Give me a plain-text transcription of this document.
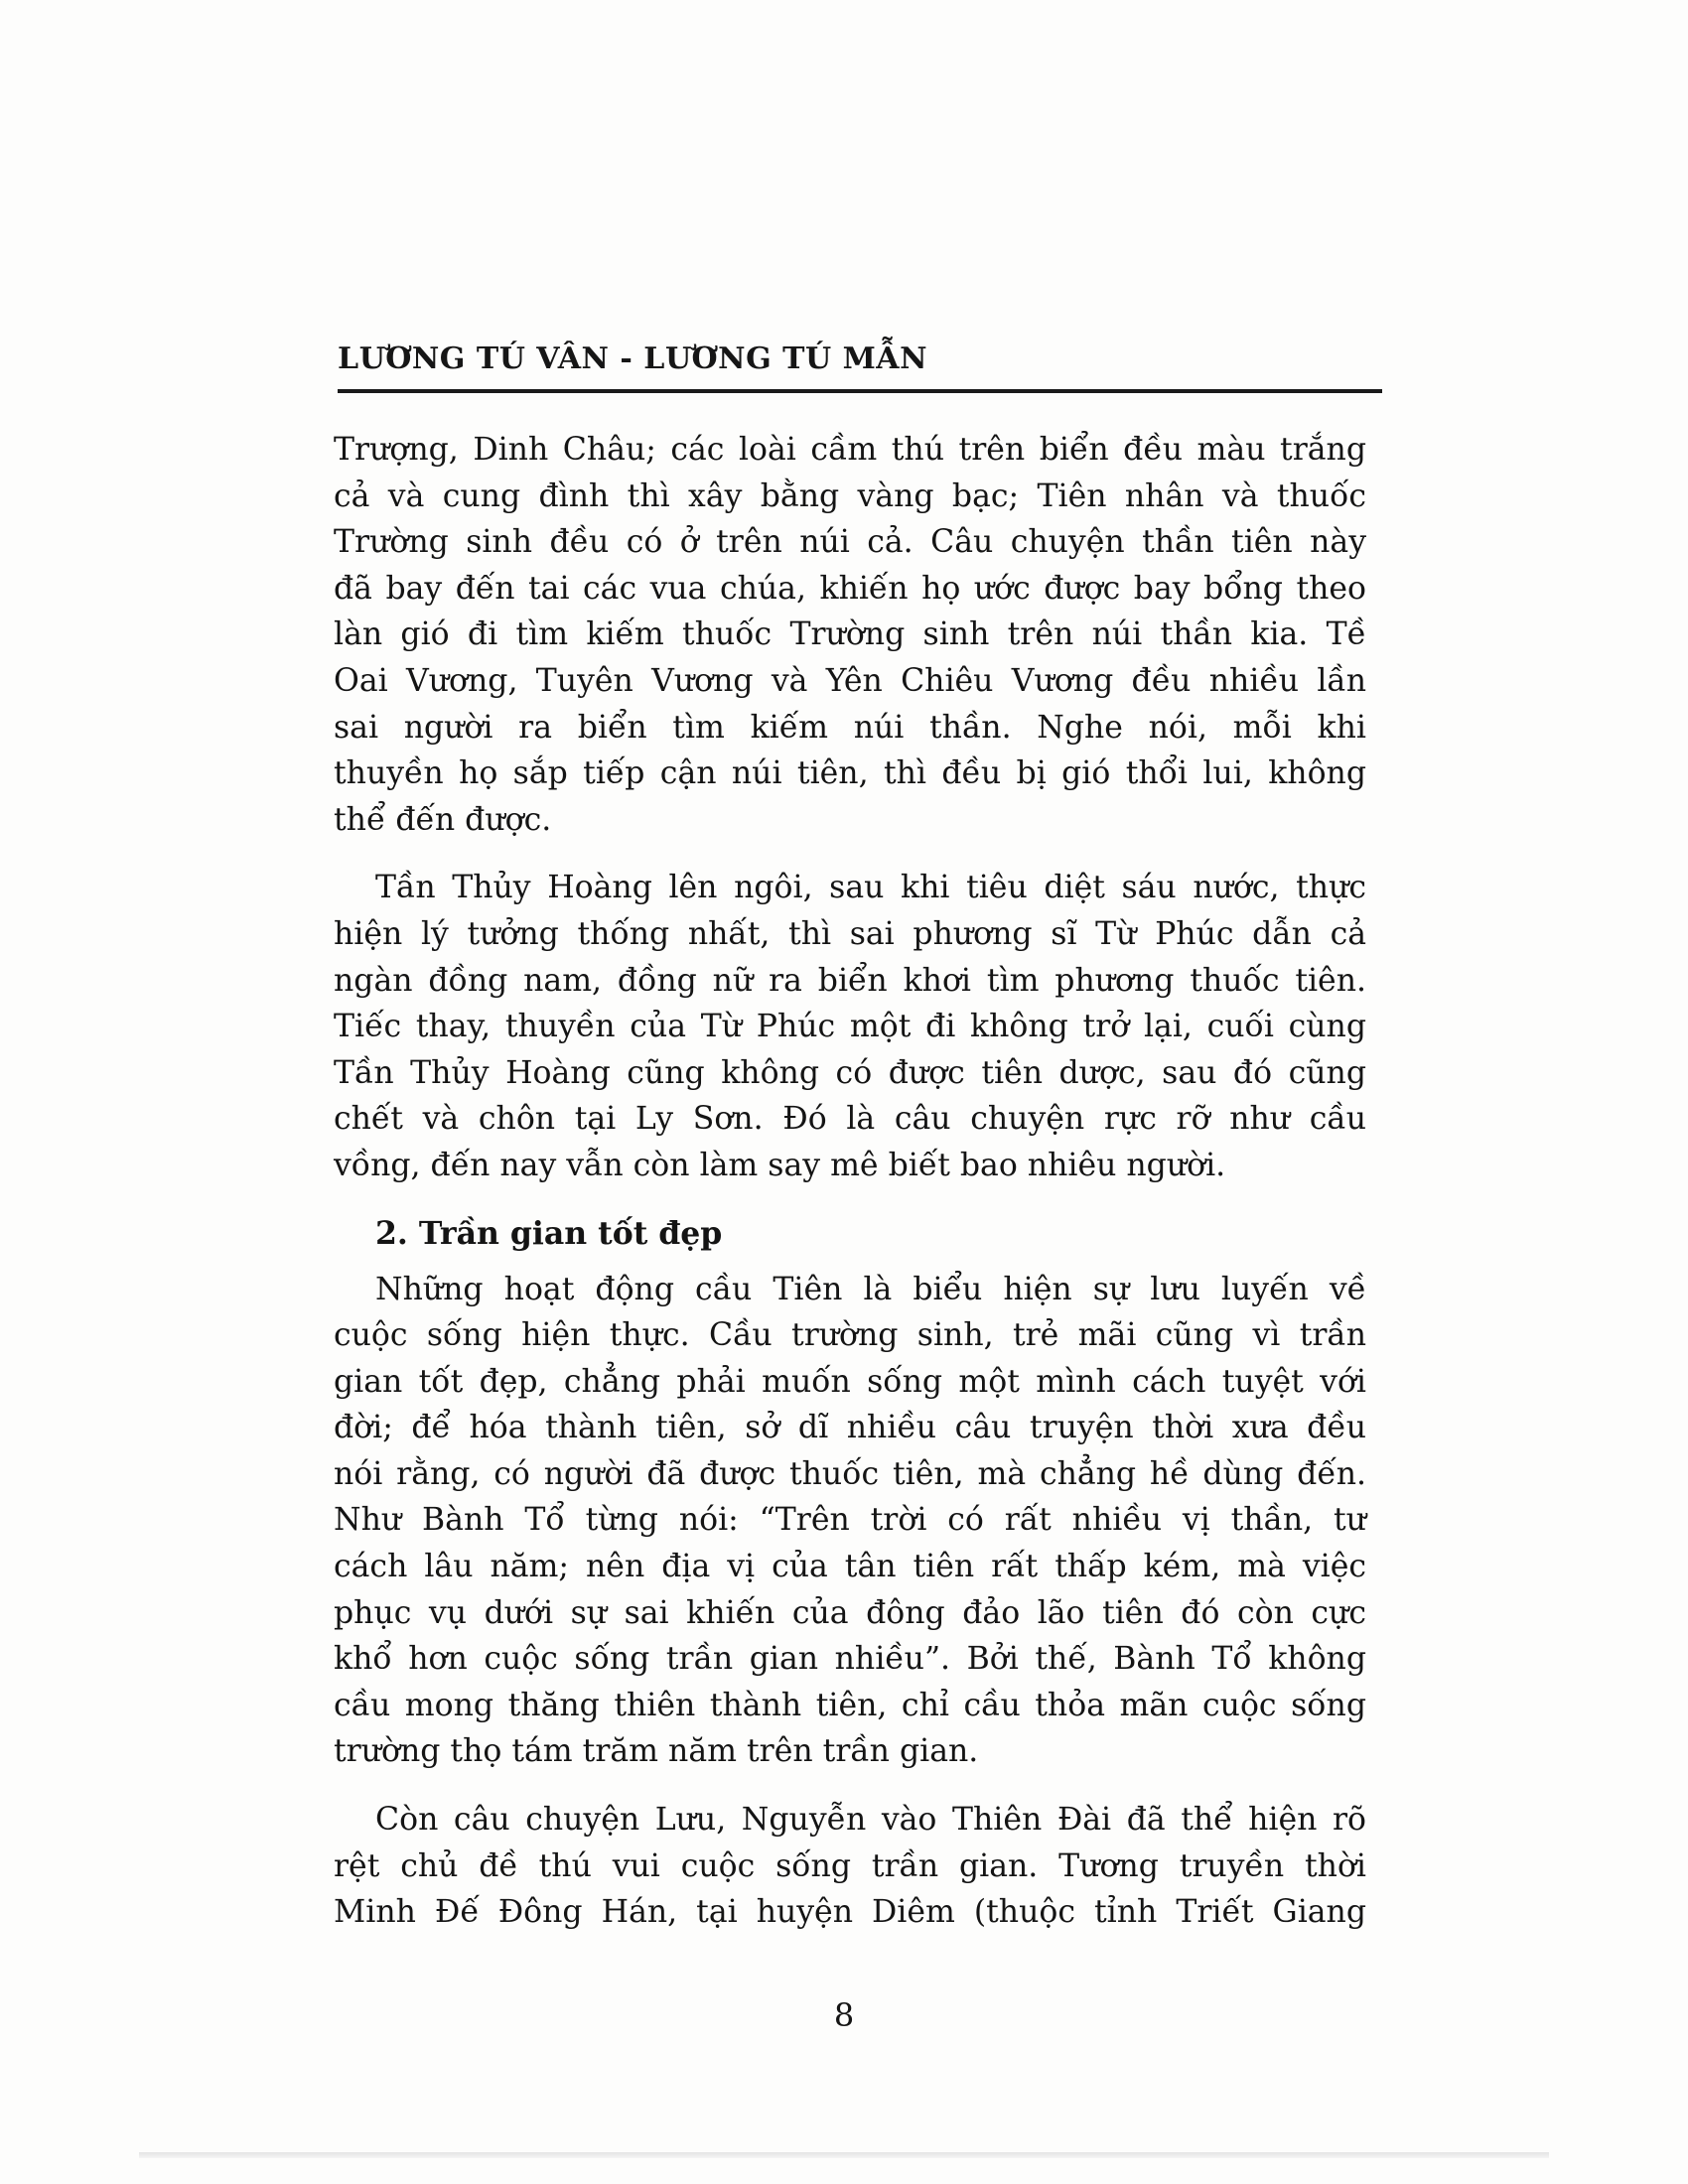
LƯƠNG TÚ VÂN - LƯƠNG TÚ MẪN
Trượng, Dinh Châu; các loài cầm thú trên biển đều màu trắng
cả và cung đình thì xây bằng vàng bạc; Tiên nhân và thuốc
Trường sinh đều có ở trên núi cả. Câu chuyện thần tiên này
đã bay đến tai các vua chúa, khiến họ ước được bay bổng theo
làn gió đi tìm kiếm thuốc Trường sinh trên núi thần kia. Tề
Oai Vương, Tuyên Vương và Yên Chiêu Vương đều nhiều lần
sai người ra biển tìm kiếm núi thần. Nghe nói, mỗi khi
thuyền họ sắp tiếp cận núi tiên, thì đều bị gió thổi lui, không
thể đến được.
Tần Thủy Hoàng lên ngôi, sau khi tiêu diệt sáu nước, thực
hiện lý tưởng thống nhất, thì sai phương sĩ Từ Phúc dẫn cả
ngàn đồng nam, đồng nữ ra biển khơi tìm phương thuốc tiên.
Tiếc thay, thuyền của Từ Phúc một đi không trở lại, cuối cùng
Tần Thủy Hoàng cũng không có được tiên dược, sau đó cũng
chết và chôn tại Ly Sơn. Đó là câu chuyện rực rỡ như cầu
vồng, đến nay vẫn còn làm say mê biết bao nhiêu người.
2. Trần gian tốt đẹp
Những hoạt động cầu Tiên là biểu hiện sự lưu luyến về
cuộc sống hiện thực. Cầu trường sinh, trẻ mãi cũng vì trần
gian tốt đẹp, chẳng phải muốn sống một mình cách tuyệt với
đời; để hóa thành tiên, sở dĩ nhiều câu truyện thời xưa đều
nói rằng, có người đã được thuốc tiên, mà chẳng hề dùng đến.
Như Bành Tổ từng nói: “Trên trời có rất nhiều vị thần, tư
cách lâu năm; nên địa vị của tân tiên rất thấp kém, mà việc
phục vụ dưới sự sai khiến của đông đảo lão tiên đó còn cực
khổ hơn cuộc sống trần gian nhiều”. Bởi thế, Bành Tổ không
cầu mong thăng thiên thành tiên, chỉ cầu thỏa mãn cuộc sống
trường thọ tám trăm năm trên trần gian.
Còn câu chuyện Lưu, Nguyễn vào Thiên Đài đã thể hiện rõ
rệt chủ đề thú vui cuộc sống trần gian. Tương truyền thời
Minh Đế Đông Hán, tại huyện Diêm (thuộc tỉnh Triết Giang
8
